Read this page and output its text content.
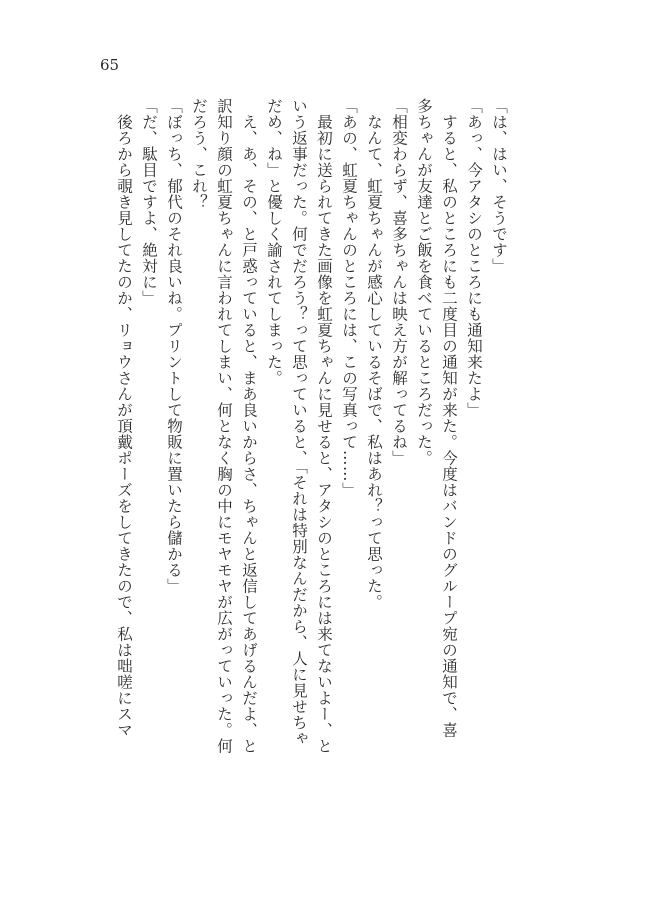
65
「は、はい、そうです」
「あっ、今アタシのところにも通知来たよ」
　すると、私のところにも二度目の通知が来た。今度はバンドのグループ宛の通知で、喜
多ちゃんが友達とご飯を食べているところだった。
「相変わらず、喜多ちゃんは映え方が解ってるね」
　なんて、虹夏ちゃんが感心しているそばで、私はあれ？って思った。
「あの、虹夏ちゃんのところには、この写真って……」
　最初に送られてきた画像を虹夏ちゃんに見せると、アタシのところには来てないよー、と
いう返事だった。何でだろう？って思っていると、「それは特別なんだから、人に見せちゃ
だめ、ね」と優しく諭されてしまった。
　え、あ、その、と戸惑っていると、まあ良いからさ、ちゃんと返信してあげるんだよ、と
訳知り顔の虹夏ちゃんに言われてしまい、何となく胸の中にモヤモヤが広がっていった。何
だろう、これ？
「ぼっち、郁代のそれ良いね。プリントして物販に置いたら儲かる」
「だ、駄目ですよ、絶対に」
　後ろから覗き見してたのか、リョウさんが頂戴ポーズをしてきたので、私は咄嗟にスマ
